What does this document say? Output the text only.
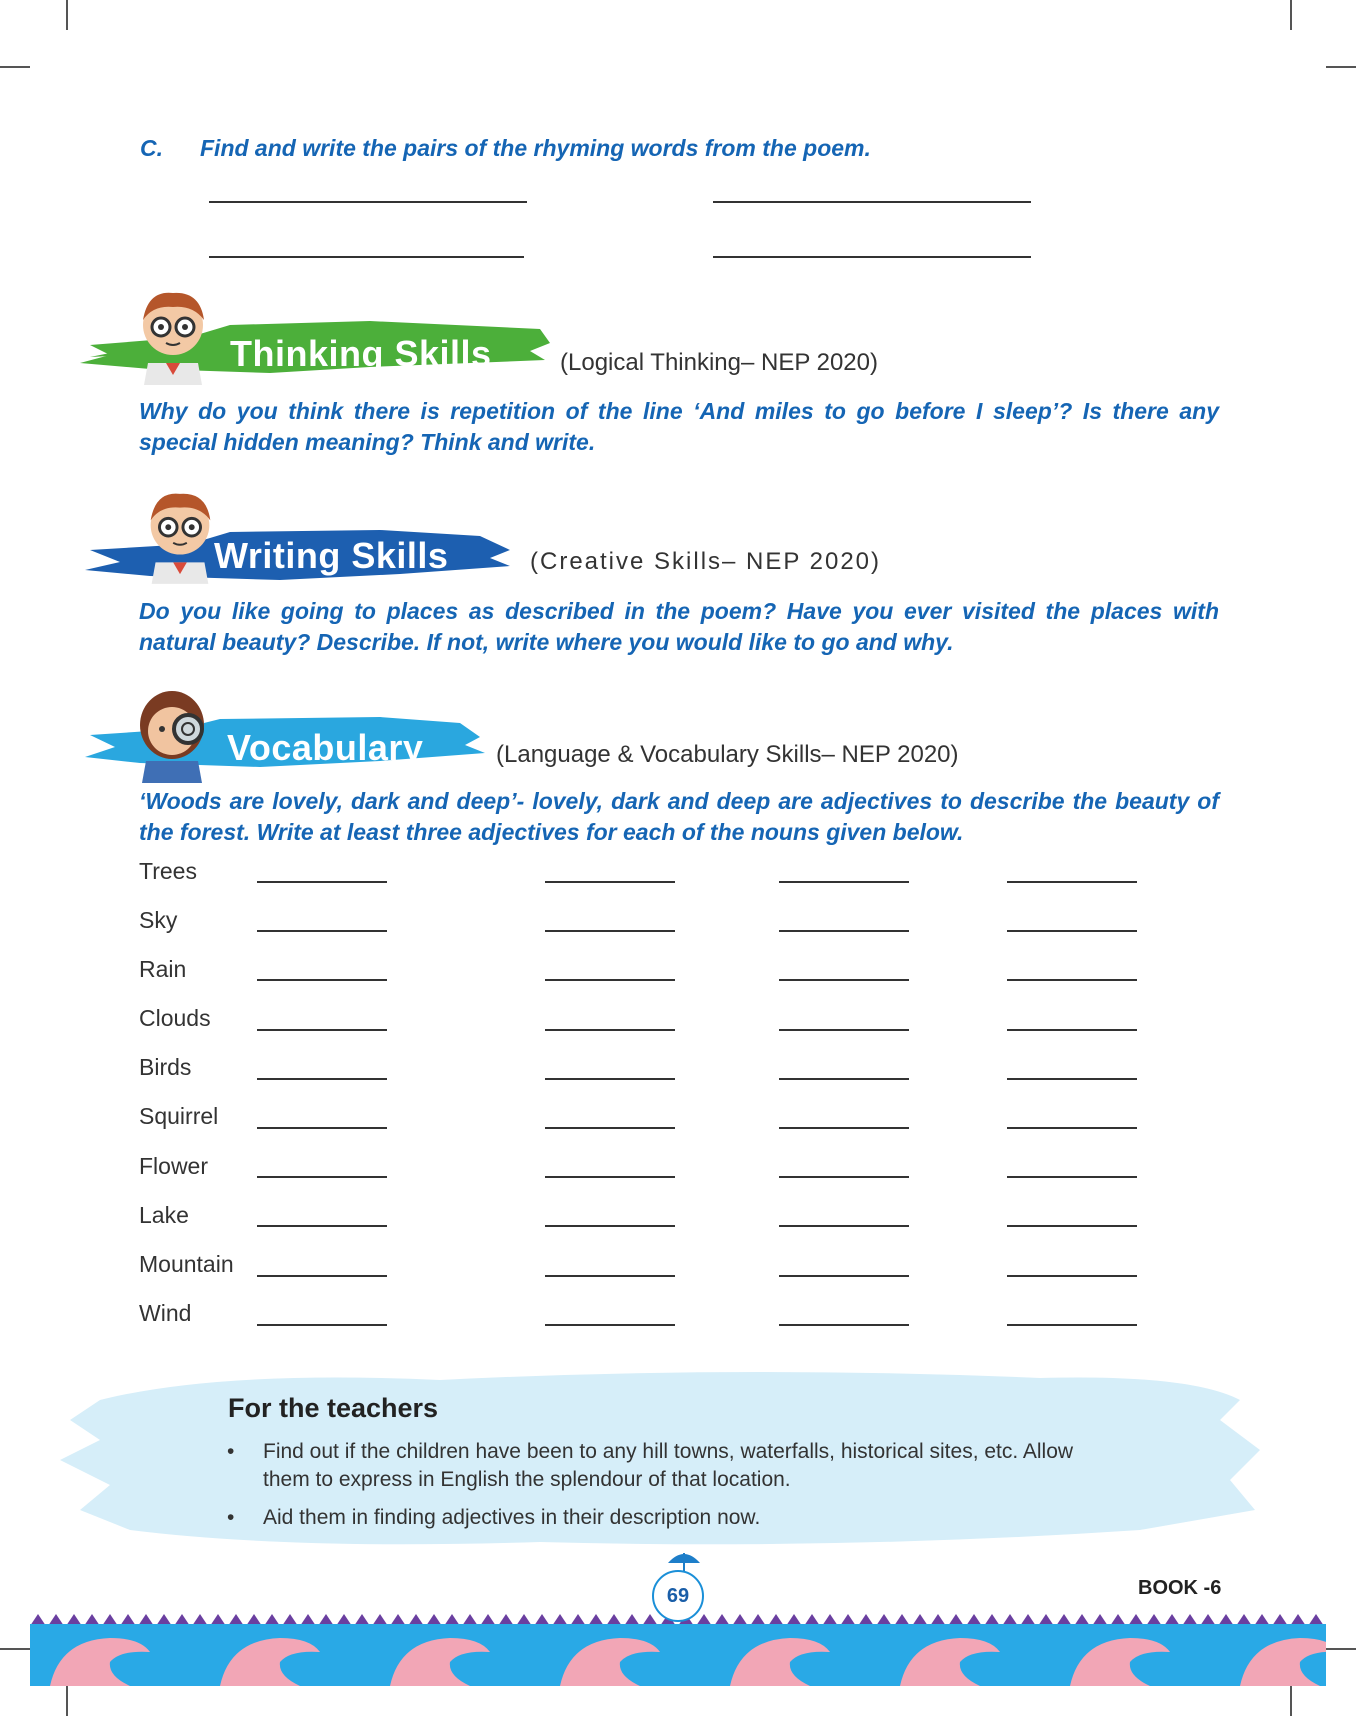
C. Find and write the pairs of the rhyming words from the poem.
Thinking Skills	(Logical Thinking– NEP 2020)
Why do you think there is repetition of the line ‘And miles to go before I sleep’? Is there any special hidden meaning? Think and write.
Writing Skills	(Creative Skills– NEP 2020)
Do you like going to places as described in the poem? Have you ever visited the places with natural beauty? Describe. If not, write where you would like to go and why.
Vocabulary	(Language & Vocabulary Skills– NEP 2020)
‘Woods are lovely, dark and deep’- lovely, dark and deep are adjectives to describe the beauty of the forest. Write at least three adjectives for each of the nouns given below.
Trees
Sky
Rain
Clouds
Birds
Squirrel
Flower
Lake
Mountain
Wind
For the teachers
• Find out if the children have been to any hill towns, waterfalls, historical sites, etc. Allow them to express in English the splendour of that location.
• Aid them in finding adjectives in their description now.
69	BOOK -6
